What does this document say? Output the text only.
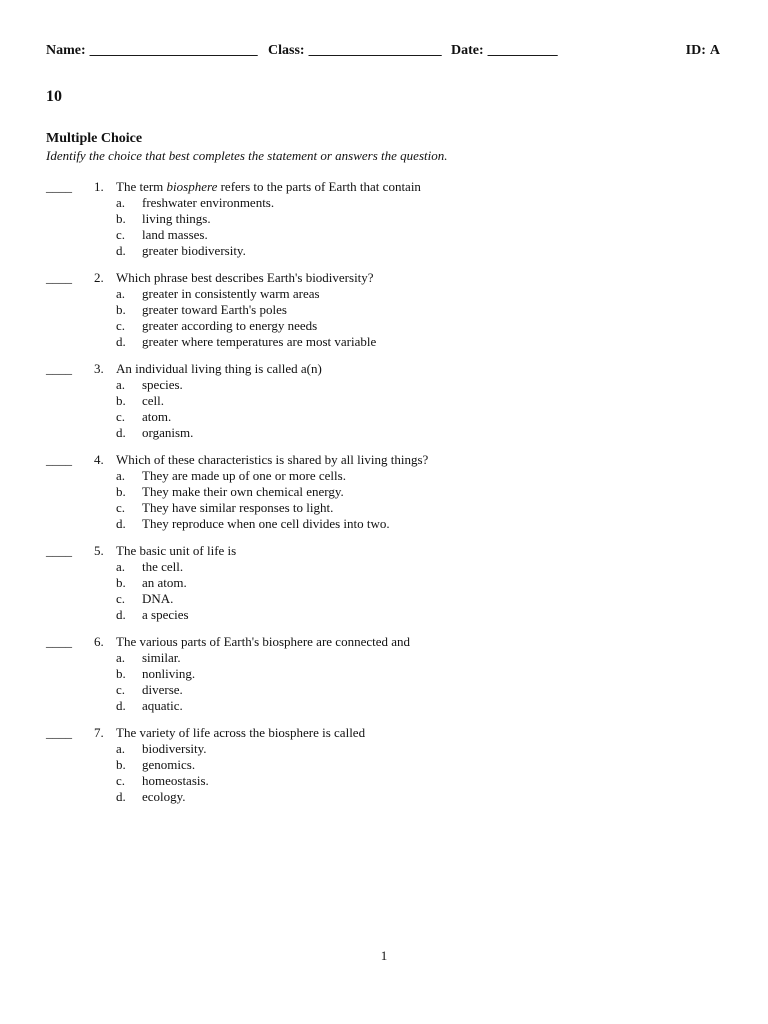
Name: ________________________ Class: ___________________ Date: __________	ID: A
10
Multiple Choice
Identify the choice that best completes the statement or answers the question.
____ 1. The term biosphere refers to the parts of Earth that contain
a.	freshwater environments.
b.	living things.
c.	land masses.
d.	greater biodiversity.
____ 2. Which phrase best describes Earth's biodiversity?
a.	greater in consistently warm areas
b.	greater toward Earth's poles
c.	greater according to energy needs
d.	greater where temperatures are most variable
____ 3. An individual living thing is called a(n)
a.	species.
b.	cell.
c.	atom.
d.	organism.
____ 4. Which of these characteristics is shared by all living things?
a.	They are made up of one or more cells.
b.	They make their own chemical energy.
c.	They have similar responses to light.
d.	They reproduce when one cell divides into two.
____ 5. The basic unit of life is
a.	the cell.
b.	an atom.
c.	DNA.
d.	a species
____ 6. The various parts of Earth's biosphere are connected and
a.	similar.
b.	nonliving.
c.	diverse.
d.	aquatic.
____ 7. The variety of life across the biosphere is called
a.	biodiversity.
b.	genomics.
c.	homeostasis.
d.	ecology.
1
